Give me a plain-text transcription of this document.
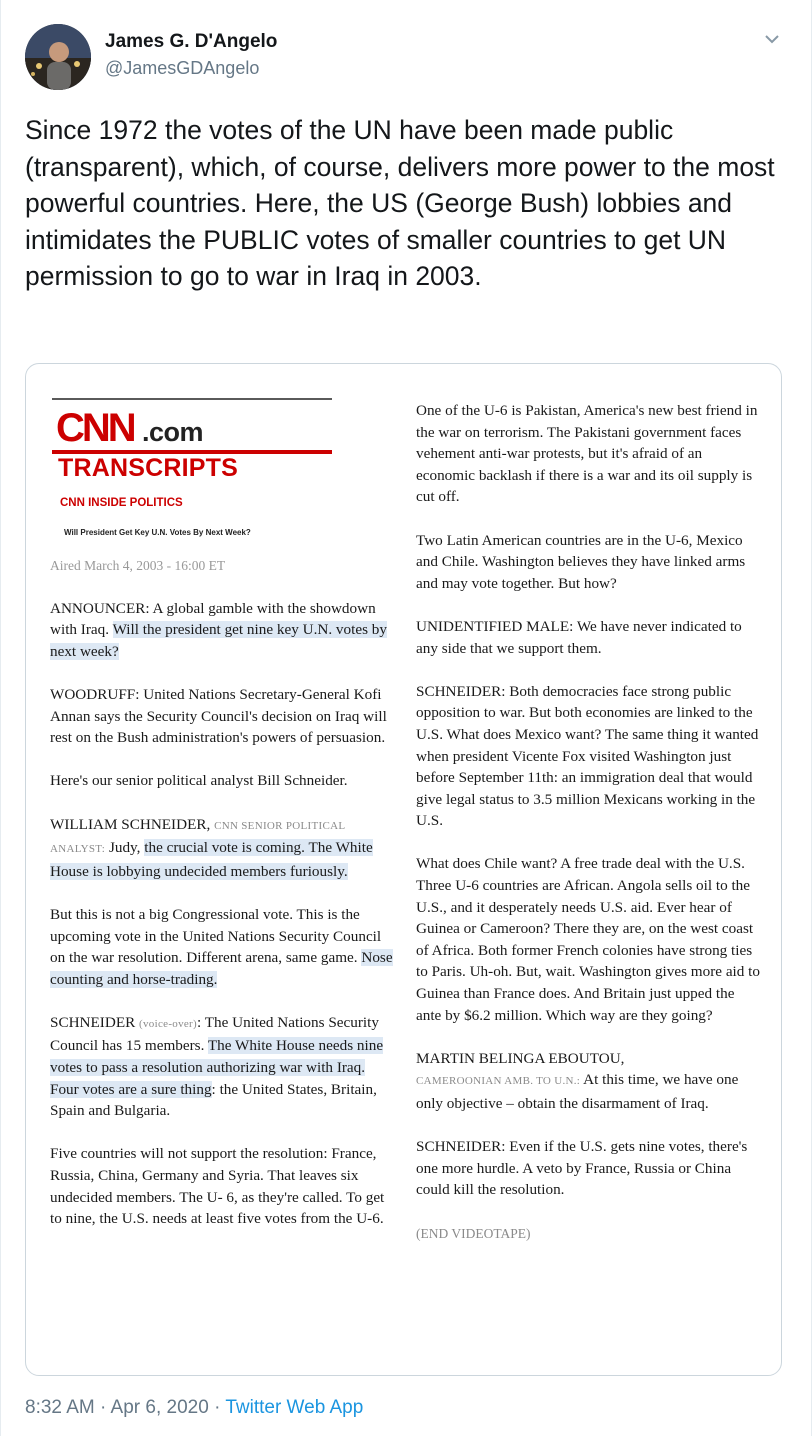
James G. D'Angelo
@JamesGDAngelo
Since 1972 the votes of the UN have been made public (transparent), which, of course, delivers more power to the most powerful countries. Here, the US (George Bush) lobbies and intimidates the PUBLIC votes of smaller countries to get UN permission to go to war in Iraq in 2003.
CNN .com
TRANSCRIPTS
CNN INSIDE POLITICS
Will President Get Key U.N. Votes By Next Week?
Aired March 4, 2003 - 16:00 ET
ANNOUNCER: A global gamble with the showdown with Iraq. Will the president get nine key U.N. votes by next week?
WOODRUFF: United Nations Secretary-General Kofi Annan says the Security Council's decision on Iraq will rest on the Bush administration's powers of persuasion.
Here's our senior political analyst Bill Schneider.
WILLIAM SCHNEIDER, CNN SENIOR POLITICAL ANALYST: Judy, the crucial vote is coming. The White House is lobbying undecided members furiously.
But this is not a big Congressional vote. This is the upcoming vote in the United Nations Security Council on the war resolution. Different arena, same game. Nose counting and horse-trading.
SCHNEIDER (voice-over): The United Nations Security Council has 15 members. The White House needs nine votes to pass a resolution authorizing war with Iraq. Four votes are a sure thing: the United States, Britain, Spain and Bulgaria.
Five countries will not support the resolution: France, Russia, China, Germany and Syria. That leaves six undecided members. The U- 6, as they're called. To get to nine, the U.S. needs at least five votes from the U-6.
One of the U-6 is Pakistan, America's new best friend in the war on terrorism. The Pakistani government faces vehement anti-war protests, but it's afraid of an economic backlash if there is a war and its oil supply is cut off.
Two Latin American countries are in the U-6, Mexico and Chile. Washington believes they have linked arms and may vote together. But how?
UNIDENTIFIED MALE: We have never indicated to any side that we support them.
SCHNEIDER: Both democracies face strong public opposition to war. But both economies are linked to the U.S. What does Mexico want? The same thing it wanted when president Vicente Fox visited Washington just before September 11th: an immigration deal that would give legal status to 3.5 million Mexicans working in the U.S.
What does Chile want? A free trade deal with the U.S. Three U-6 countries are African. Angola sells oil to the U.S., and it desperately needs U.S. aid. Ever hear of Guinea or Cameroon? There they are, on the west coast of Africa. Both former French colonies have strong ties to Paris. Uh-oh. But, wait. Washington gives more aid to Guinea than France does. And Britain just upped the ante by $6.2 million. Which way are they going?
MARTIN BELINGA EBOUTOU,
CAMEROONIAN AMB. TO U.N.: At this time, we have one only objective – obtain the disarmament of Iraq.
SCHNEIDER: Even if the U.S. gets nine votes, there's one more hurdle. A veto by France, Russia or China could kill the resolution.
(END VIDEOTAPE)
8:32 AM · Apr 6, 2020 · Twitter Web App
